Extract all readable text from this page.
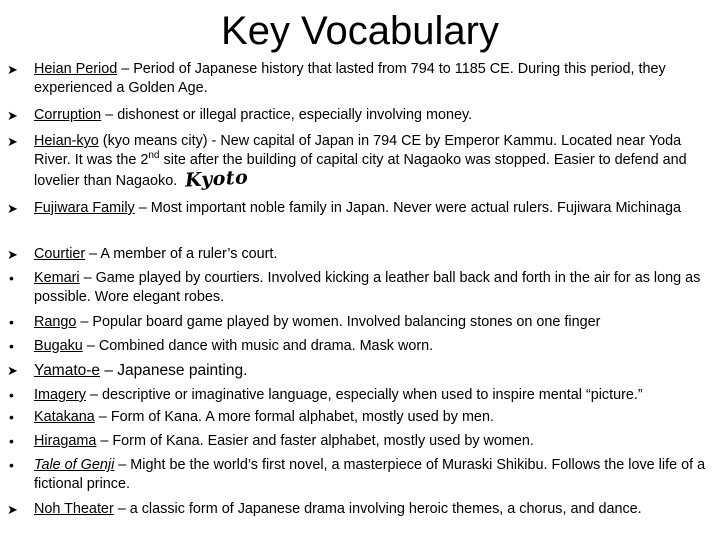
Key Vocabulary
➤	Heian Period – Period of Japanese history that lasted from 794 to 1185 CE. During this period, they experienced a Golden Age.
➤	Corruption – dishonest or illegal practice, especially involving money.
➤	Heian-kyo (kyo means city) - New capital of Japan in 794 CE by Emperor Kammu. Located near Yoda River. It was the 2nd site after the building of capital city at Nagaoko was stopped. Easier to defend and lovelier than Nagaoko. Kyoto
➤	Fujiwara Family – Most important noble family in Japan. Never were actual rulers. Fujiwara Michinaga
➤	Courtier – A member of a ruler’s court.
•	Kemari – Game played by courtiers. Involved kicking a leather ball back and forth in the air for as long as possible. Wore elegant robes.
•	Rango – Popular board game played by women. Involved balancing stones on one finger
•	Bugaku – Combined dance with music and drama. Mask worn.
➤	Yamato-e – Japanese painting.
•	Imagery – descriptive or imaginative language, especially when used to inspire mental “picture.”
•	Katakana – Form of Kana. A more formal alphabet, mostly used by men.
•	Hiragama – Form of Kana. Easier and faster alphabet, mostly used by women.
•	Tale of Genji – Might be the world’s first novel, a masterpiece of Muraski Shikibu. Follows the love life of a fictional prince.
➤	Noh Theater – a classic form of Japanese drama involving heroic themes, a chorus, and dance.
